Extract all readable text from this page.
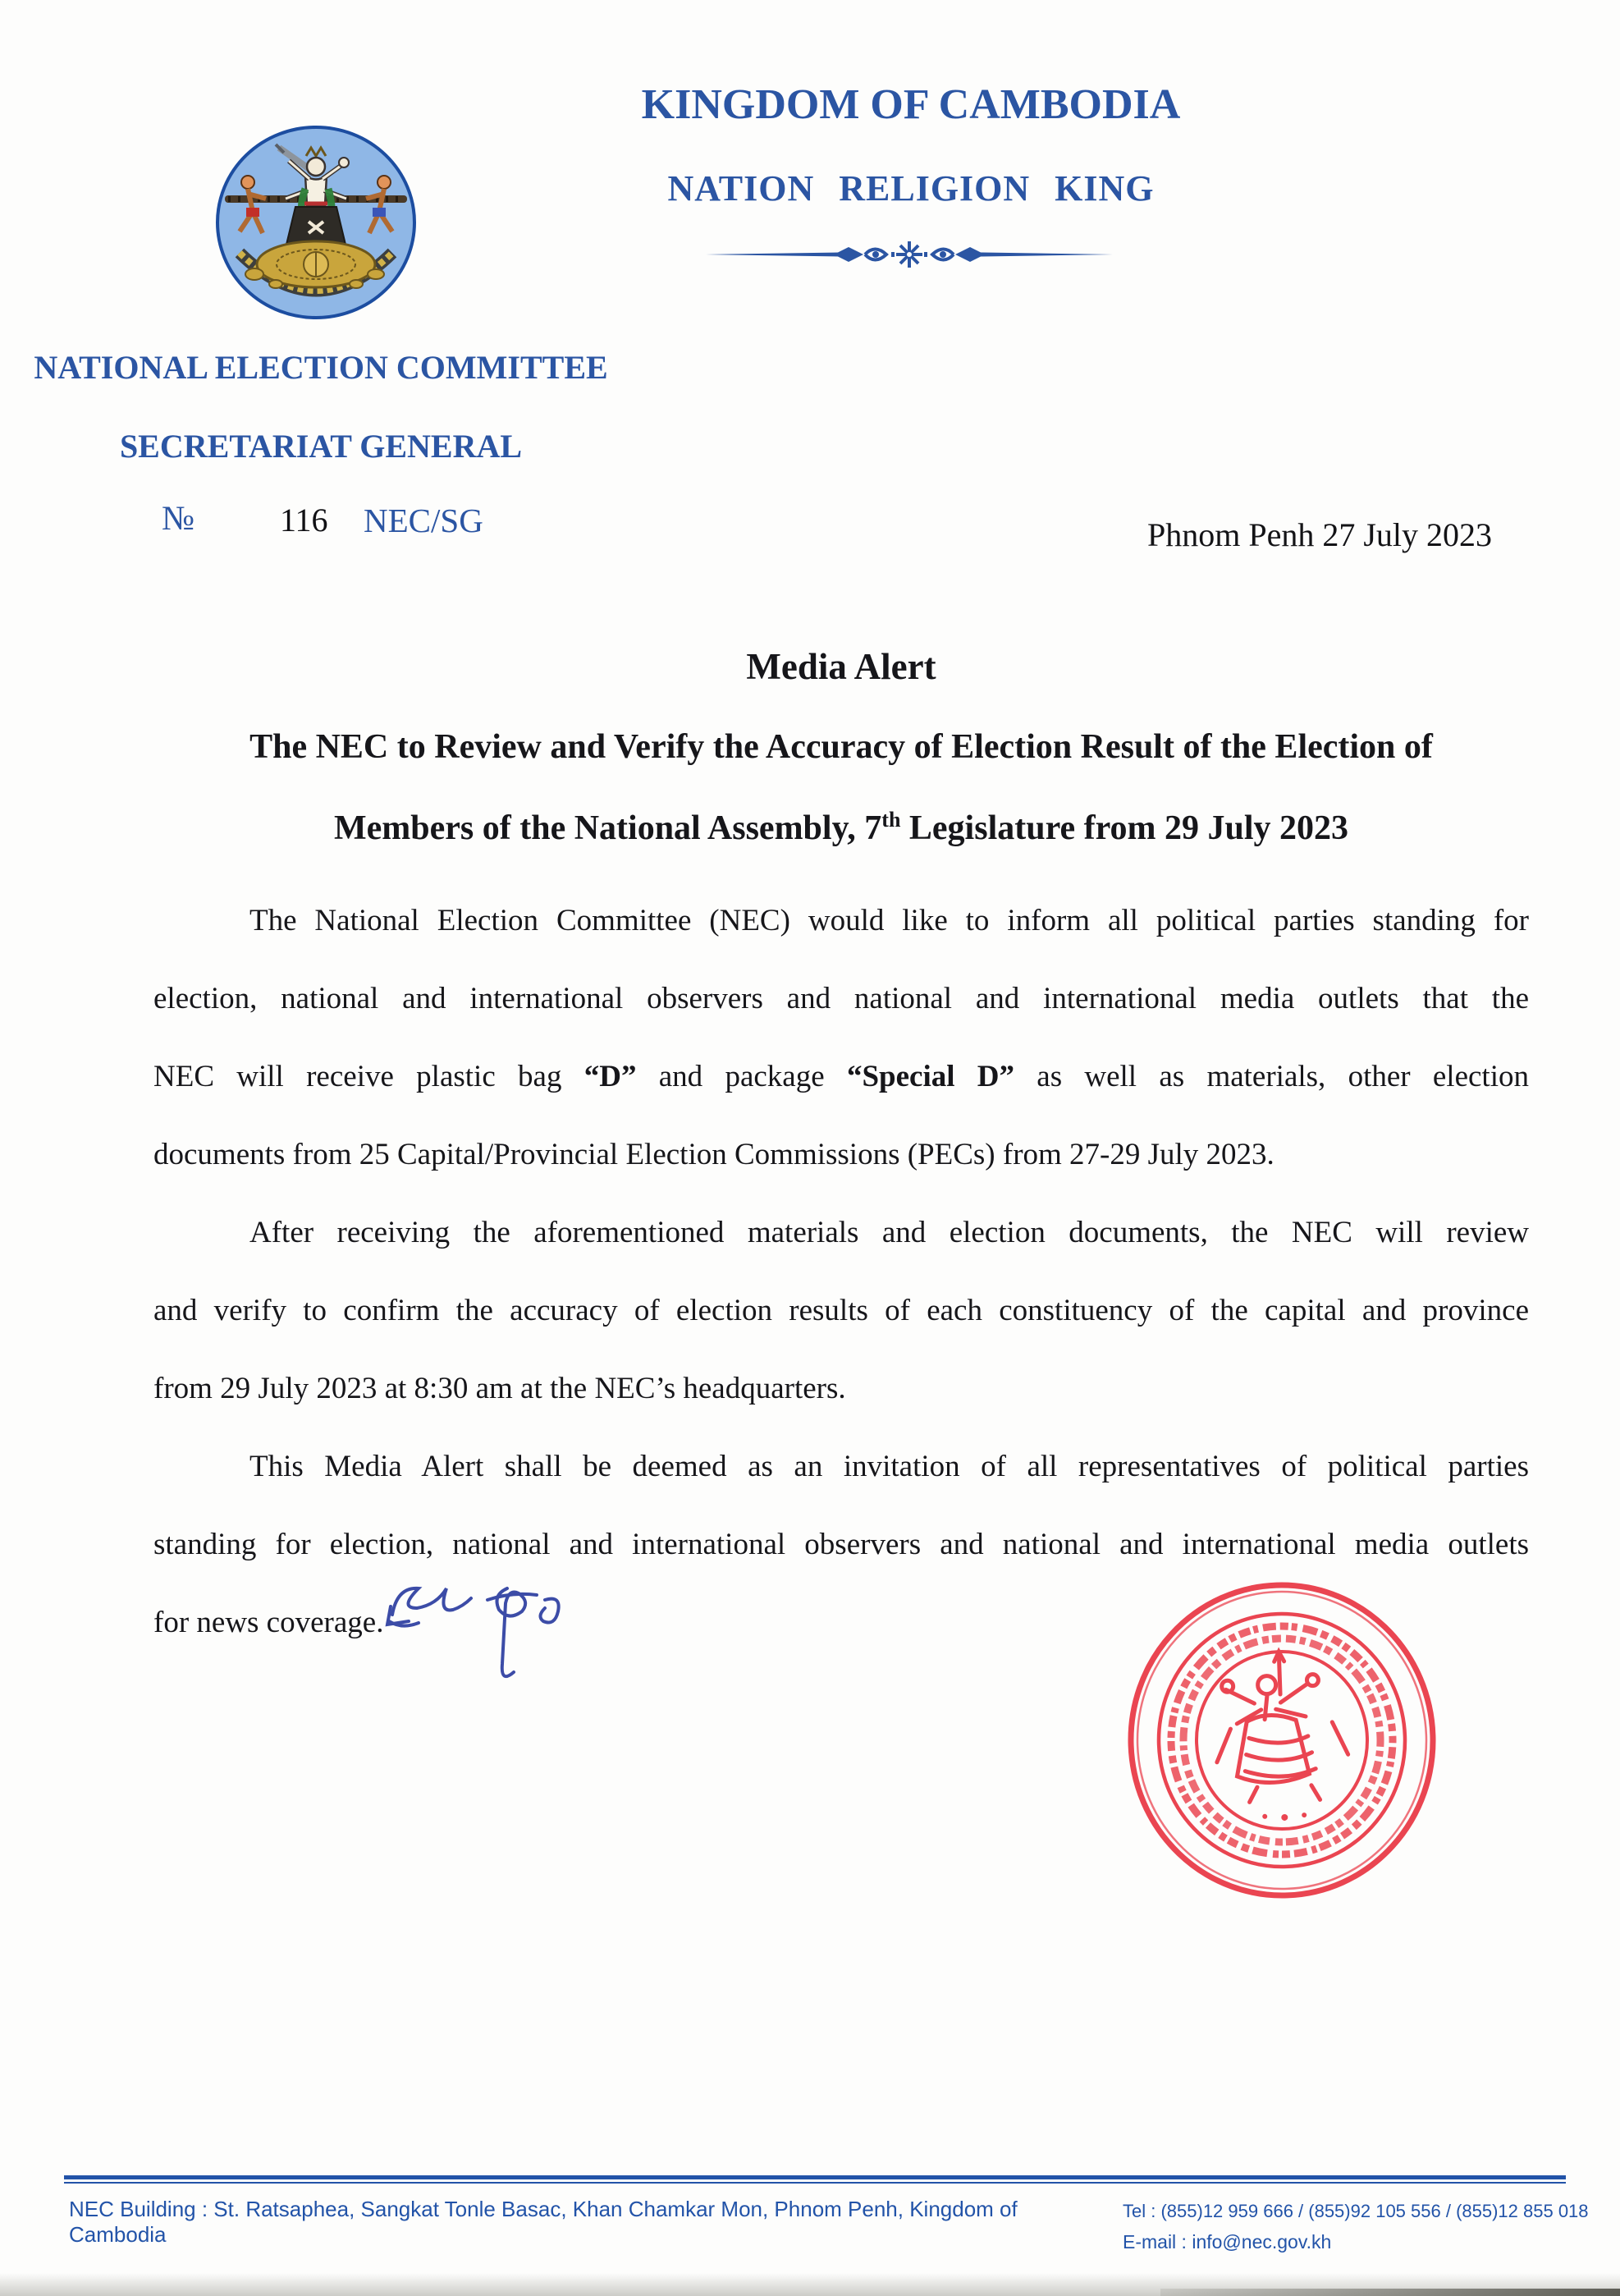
KINGDOM OF CAMBODIA
NATION RELIGION KING
NATIONAL ELECTION COMMITTEE
SECRETARIAT GENERAL
№	116 NEC/SG	Phnom Penh 27 July 2023
Media Alert
The NEC to Review and Verify the Accuracy of Election Result of the Election of
Members of the National Assembly, 7th Legislature from 29 July 2023
The National Election Committee (NEC) would like to inform all political parties standing for
election, national and international observers and national and international media outlets that the
NEC will receive plastic bag “D” and package “Special D” as well as materials, other election
documents from 25 Capital/Provincial Election Commissions (PECs) from 27-29 July 2023.
After receiving the aforementioned materials and election documents, the NEC will review
and verify to confirm the accuracy of election results of each constituency of the capital and province
from 29 July 2023 at 8:30 am at the NEC’s headquarters.
This Media Alert shall be deemed as an invitation of all representatives of political parties
standing for election, national and international observers and national and international media outlets
for news coverage.
NEC Building : St. Ratsaphea, Sangkat Tonle Basac, Khan Chamkar Mon, Phnom Penh, Kingdom of Cambodia
Tel : (855)12 959 666 / (855)92 105 556 / (855)12 855 018
E-mail : info@nec.gov.kh
